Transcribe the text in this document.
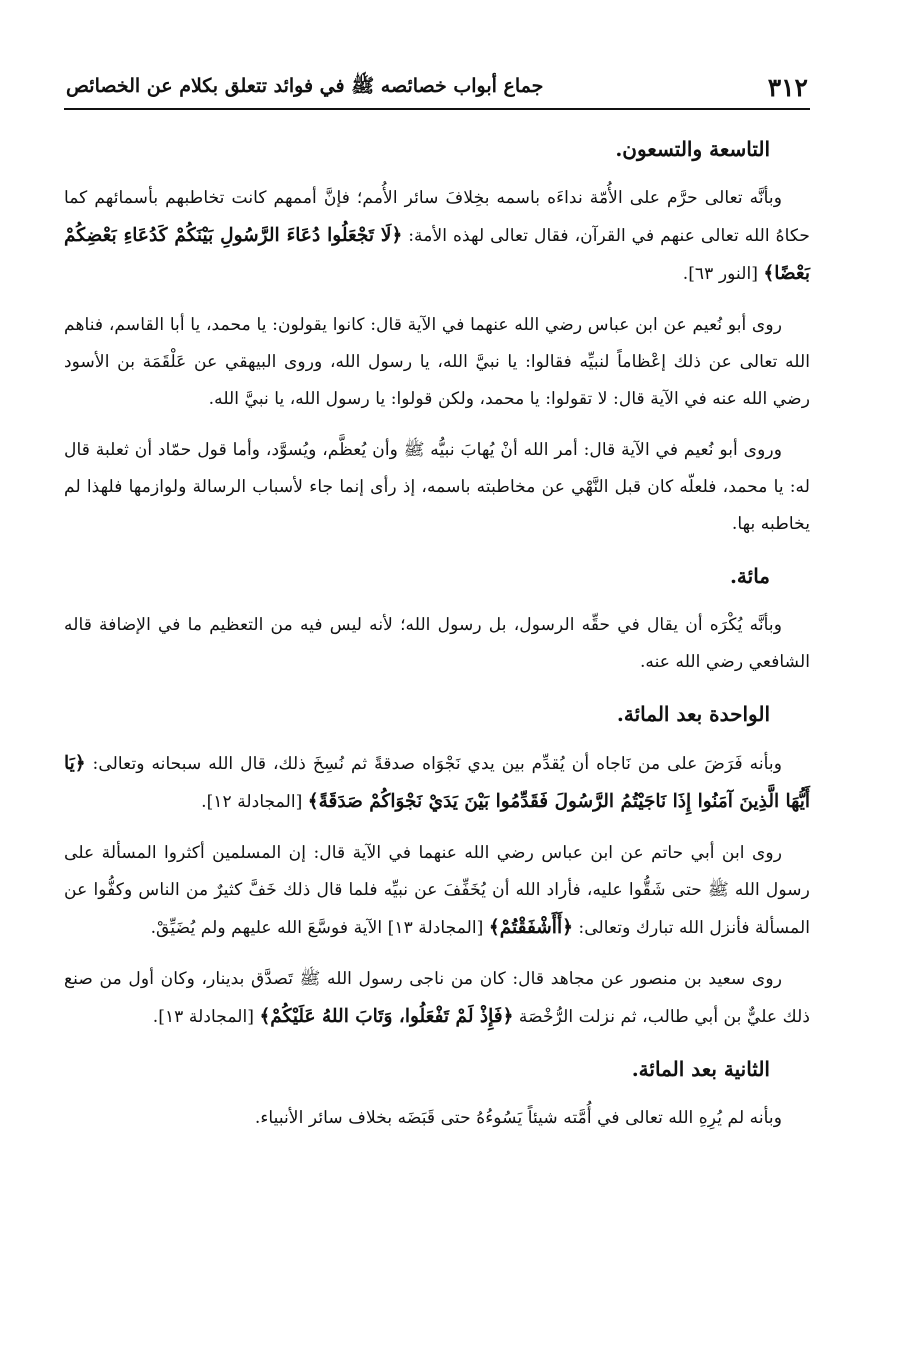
٣١٢
جماع أبواب خصائصه ﷺ في فوائد تتعلق بكلام عن الخصائص
التاسعة والتسعون.

وبأنَّه تعالى حرَّم على الأُمّة نداءَه باسمه بخِلافَ سائر الأُمم؛ فإنَّ أممهم كانت تخاطبهم بأسمائهم كما حكاهُ الله تعالى عنهم في القرآن، فقال تعالى لهذه الأمة: ﴿لَا تَجْعَلُوا دُعَاءَ الرَّسُولِ بَيْنَكُمْ كَدُعَاءِ بَعْضِكُمْ بَعْضًا﴾ [النور ٦٣].

روى أبو نُعيم عن ابن عباس رضي الله عنهما في الآية قال: كانوا يقولون: يا محمد، يا أبا القاسم، فناهم الله تعالى عن ذلك إعْظاماً لنبيِّه فقالوا: يا نبيَّ الله، يا رسول الله، وروى البيهقي عن عَلْقَمَة بن الأسود رضي الله عنه في الآية قال: لا تقولوا: يا محمد، ولكن قولوا: يا رسول الله، يا نبيَّ الله.

وروى أبو نُعيم في الآية قال: أمر الله أنْ يُهابَ نبيُّه ﷺ وأن يُعظَّم، ويُسوَّد، وأما قول حمّاد أن ثعلبة قال له: يا محمد، فلعلّه كان قبل النَّهْي عن مخاطبته باسمه، إذ رأى إنما جاء لأسباب الرسالة ولوازمها فلهذا لم يخاطبه بها.

مائة.

وبأنَّه يُكْرَه أن يقال في حقِّه الرسول، بل رسول الله؛ لأنه ليس فيه من التعظيم ما في الإضافة قاله الشافعي رضي الله عنه.

الواحدة بعد المائة.

وبأنه فَرَضَ على من نَاجاه أن يُقدِّم بين يدي نَجْوَاه صدقةً ثم نُسِخَ ذلك، قال الله سبحانه وتعالى: ﴿يَا أَيُّهَا الَّذِينَ آمَنُوا إِذَا نَاجَيْتُمُ الرَّسُولَ فَقَدِّمُوا بَيْنَ يَدَيْ نَجْوَاكُمْ صَدَقَةً﴾ [المجادلة ١٢].

روى ابن أبي حاتم عن ابن عباس رضي الله عنهما في الآية قال: إن المسلمين أكثروا المسألة على رسول الله ﷺ حتى شَقُّوا عليه، فأراد الله أن يُخَفِّفَ عن نبيِّه فلما قال ذلك خَفَّ كثيرٌ من الناس وكفُّوا عن المسألة فأنزل الله تبارك وتعالى: ﴿أَأَشْفَقْتُمْ﴾ [المجادلة ١٣] الآية فوسَّعَ الله عليهم ولم يُضَيِّقْ.

روى سعيد بن منصور عن مجاهد قال: كان من ناجى رسول الله ﷺ تَصدَّق بدينار، وكان أول من صنع ذلك عليٌّ بن أبي طالب، ثم نزلت الرُّخْصَة ﴿فَإِذْ لَمْ تَفْعَلُوا، وَتَابَ اللهُ عَلَيْكُمْ﴾ [المجادلة ١٣].

الثانية بعد المائة.

وبأنه لم يُرِهِ الله تعالى في أُمَّته شيئاً يَسُوءُهُ حتى قَبَضَه بخلاف سائر الأنبياء.
